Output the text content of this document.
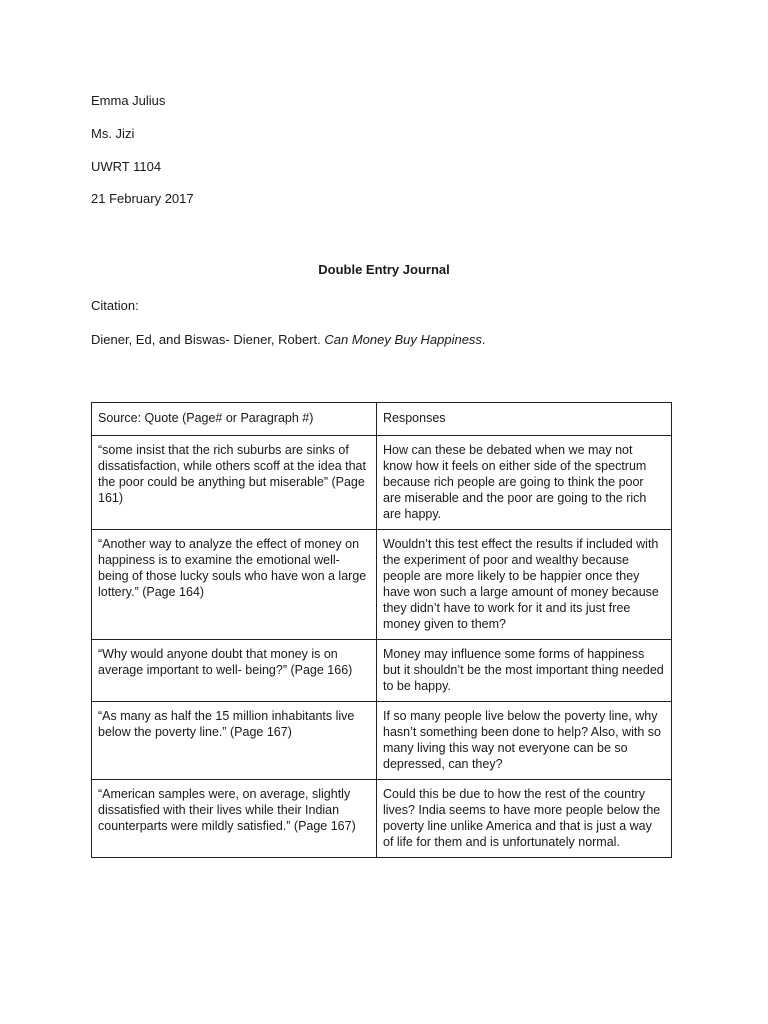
Emma Julius
Ms. Jizi
UWRT 1104
21 February 2017
Double Entry Journal
Citation:
Diener, Ed, and Biswas- Diener, Robert. Can Money Buy Happiness.
Source: Quote (Page# or Paragraph #)	Responses
“some insist that the rich suburbs are sinks of dissatisfaction, while others scoff at the idea that the poor could be anything but miserable” (Page 161)	How can these be debated when we may not know how it feels on either side of the spectrum because rich people are going to think the poor are miserable and the poor are going to the rich are happy.
“Another way to analyze the effect of money on happiness is to examine the emotional well- being of those lucky souls who have won a large lottery.” (Page 164)	Wouldn’t this test effect the results if included with the experiment of poor and wealthy because people are more likely to be happier once they have won such a large amount of money because they didn’t have to work for it and its just free money given to them?
“Why would anyone doubt that money is on average important to well- being?” (Page 166)	Money may influence some forms of happiness but it shouldn’t be the most important thing needed to be happy.
“As many as half the 15 million inhabitants live below the poverty line.” (Page 167)	If so many people live below the poverty line, why hasn’t something been done to help? Also, with so many living this way not everyone can be so depressed, can they?
“American samples were, on average, slightly dissatisfied with their lives while their Indian counterparts were mildly satisfied.” (Page 167)	Could this be due to how the rest of the country lives? India seems to have more people below the poverty line unlike America and that is just a way of life for them and is unfortunately normal.
